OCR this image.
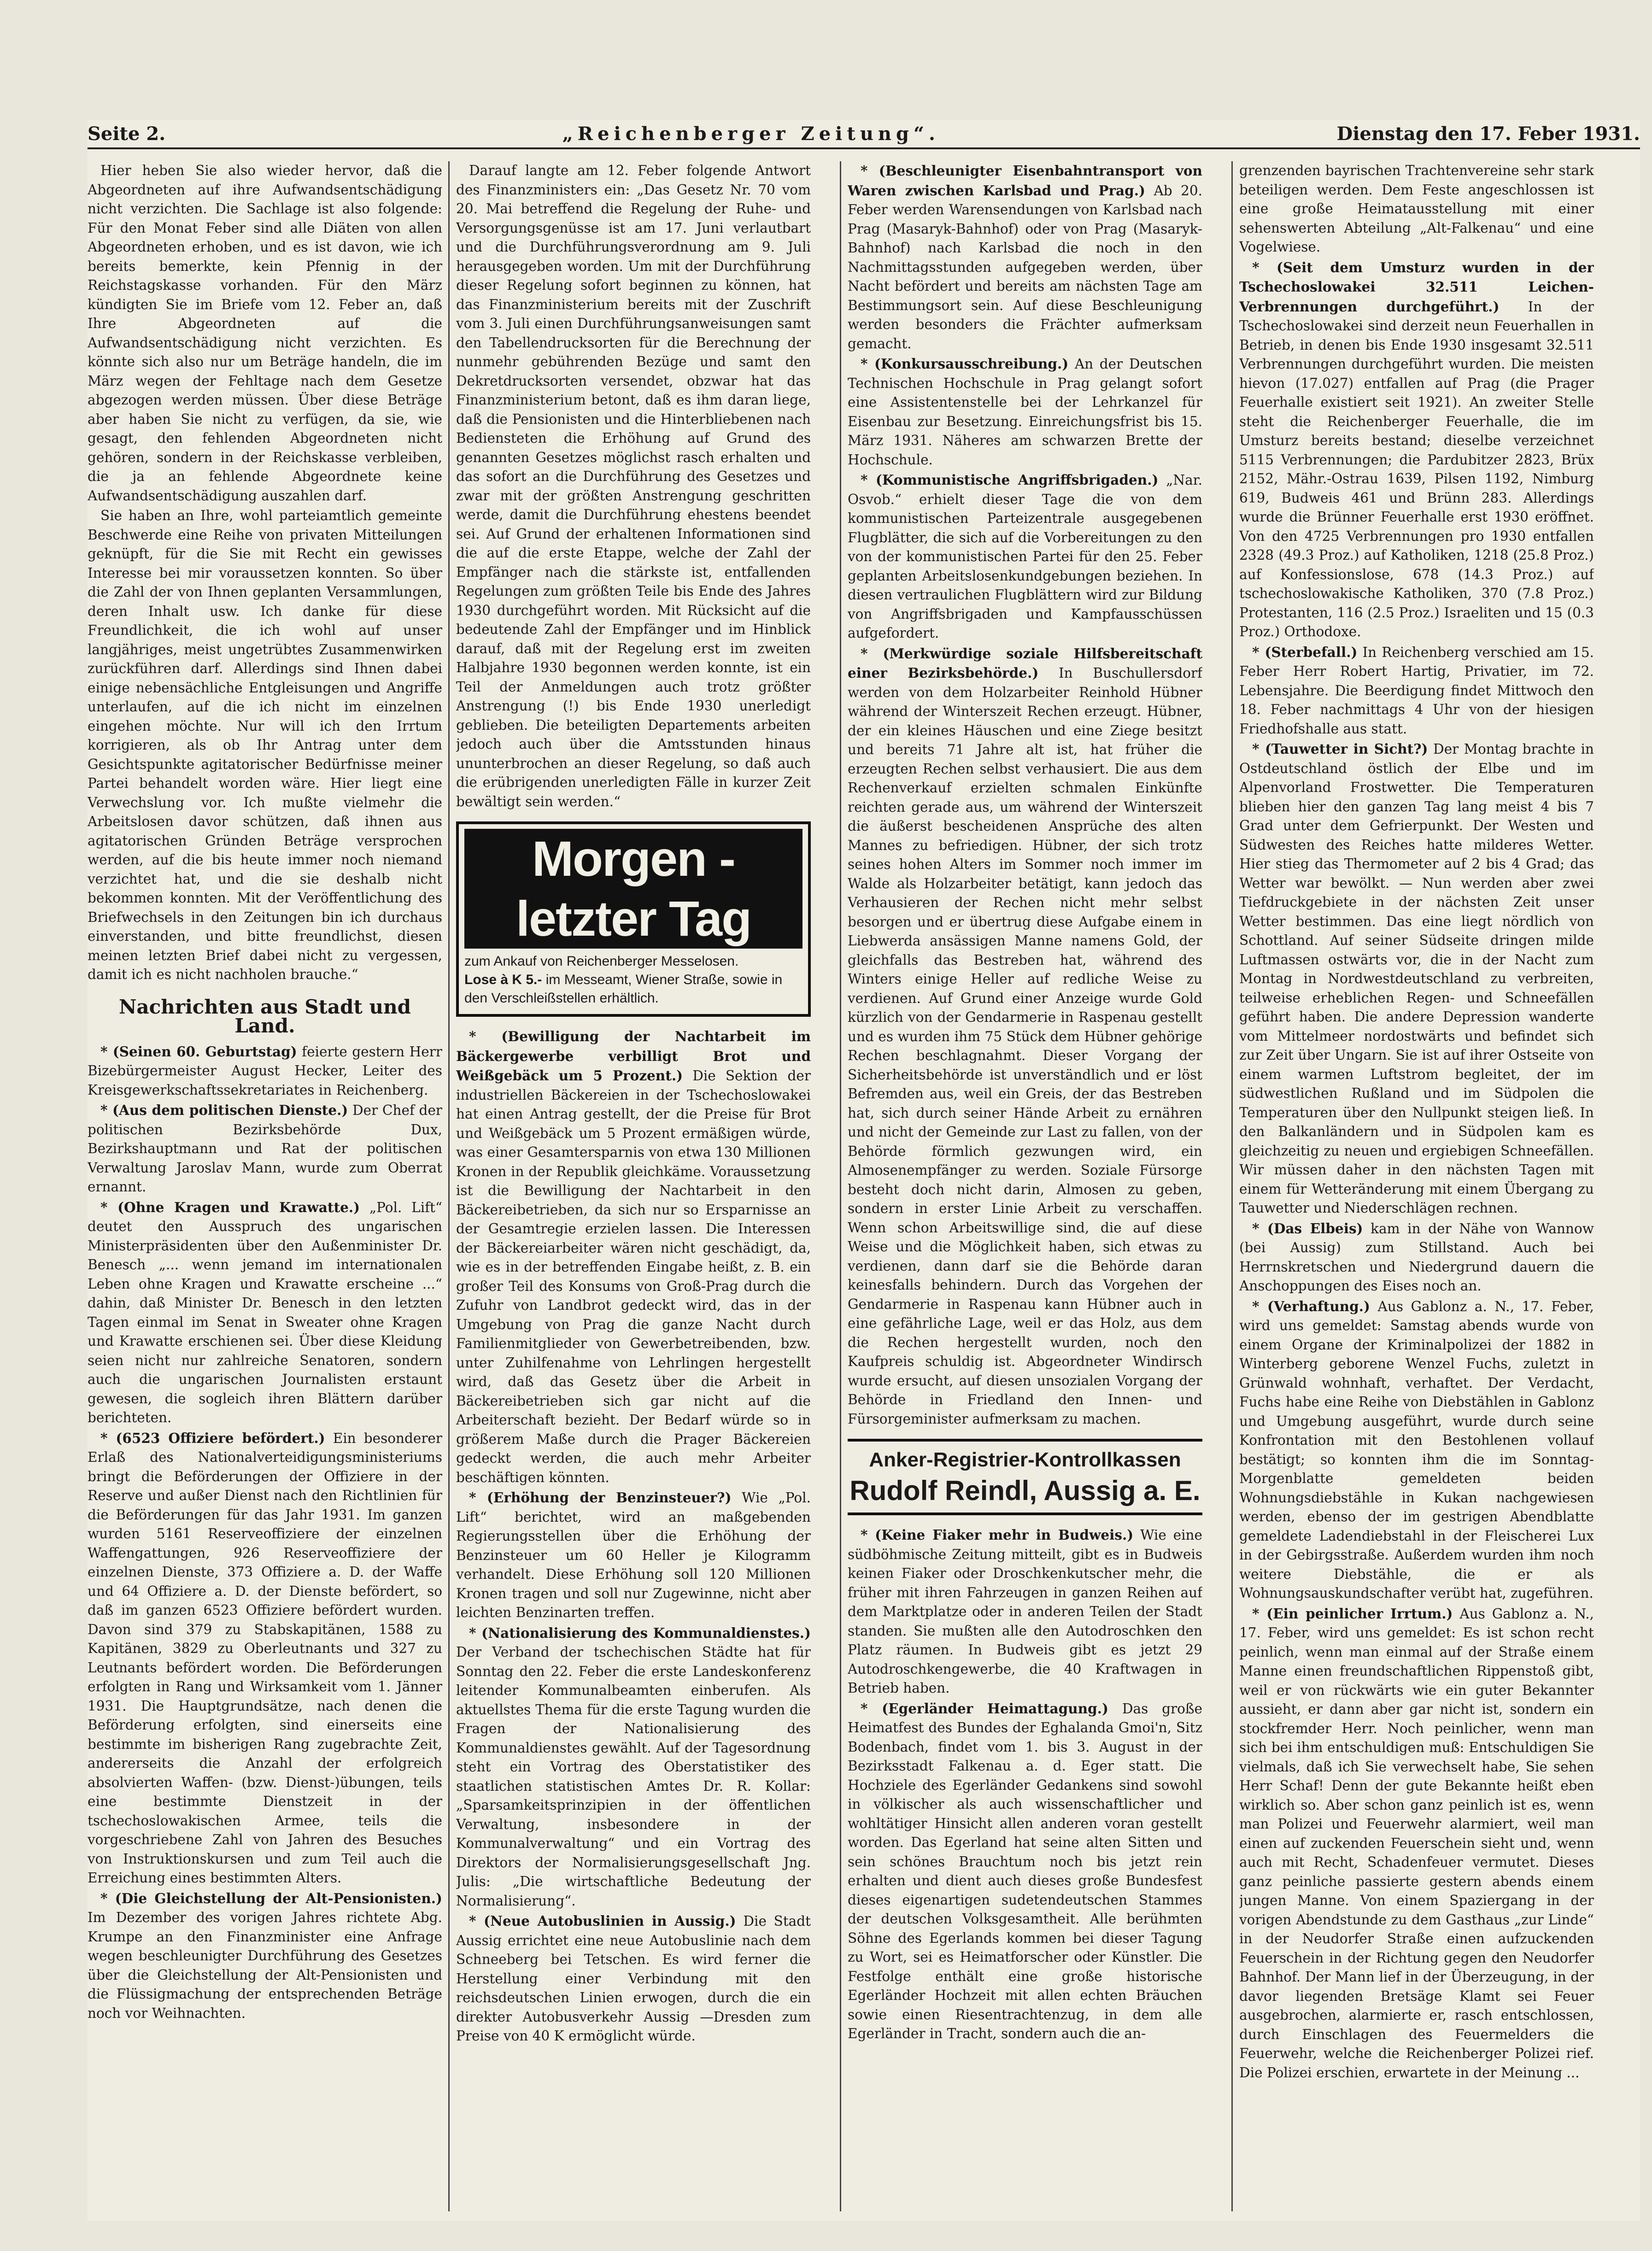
Seite 2.	„Reichenberger Zeitung“.	Dienstag den 17. Feber 1931.

Hier heben Sie also wieder hervor, daß die Abgeordneten auf ihre Aufwandsentschädigung nicht verzichten. Die Sachlage ist also folgende: Für den Monat Feber sind alle Diäten von allen Abgeordneten erhoben, und es ist davon, wie ich bereits bemerkte, kein Pfennig in der Reichstagskasse vorhanden. Für den März kündigten Sie im Briefe vom 12. Feber an, daß Ihre Abgeordneten auf die Aufwandsentschädigung nicht verzichten. Es könnte sich also nur um Beträge handeln, die im März wegen der Fehltage nach dem Gesetze abgezogen werden müssen. Über diese Beträge aber haben Sie nicht zu verfügen, da sie, wie gesagt, den fehlenden Abgeordneten nicht gehören, sondern in der Reichskasse verbleiben, die ja an fehlende Abgeordnete keine Aufwandsentschädigung auszahlen darf.

Sie haben an Ihre, wohl parteiamtlich gemeinte Beschwerde eine Reihe von privaten Mitteilungen geknüpft, für die Sie mit Recht ein gewisses Interesse bei mir voraussetzen konnten. So über die Zahl der von Ihnen geplanten Versammlungen, deren Inhalt usw. Ich danke für diese Freundlichkeit, die ich wohl auf unser langjähriges, meist ungetrübtes Zusammenwirken zurückführen darf. Allerdings sind Ihnen dabei einige nebensächliche Entgleisungen und Angriffe unterlaufen, auf die ich nicht im einzelnen eingehen möchte. Nur will ich den Irrtum korrigieren, als ob Ihr Antrag unter dem Gesichtspunkte agitatorischer Bedürfnisse meiner Partei behandelt worden wäre. Hier liegt eine Verwechslung vor. Ich mußte vielmehr die Arbeitslosen davor schützen, daß ihnen aus agitatorischen Gründen Beträge versprochen werden, auf die bis heute immer noch niemand verzichtet hat, und die sie deshalb nicht bekommen konnten. Mit der Veröffentlichung des Briefwechsels in den Zeitungen bin ich durchaus einverstanden, und bitte freundlichst, diesen meinen letzten Brief dabei nicht zu vergessen, damit ich es nicht nachholen brauche.“

Nachrichten aus Stadt und Land.

* (Seinen 60. Geburtstag) feierte gestern Herr Bizebürgermeister August Hecker, Leiter des Kreisgewerkschaftssekretariates in Reichenberg.

* (Aus dem politischen Dienste.) Der Chef der politischen Bezirksbehörde Dux, Bezirkshauptmann und Rat der politischen Verwaltung Jaroslav Mann, wurde zum Oberrat ernannt.

* (Ohne Kragen und Krawatte.) „Pol. Lift“ deutet den Ausspruch des ungarischen Ministerpräsidenten über den Außenminister Dr. Benesch „... wenn jemand im internationalen Leben ohne Kragen und Krawatte erscheine ...“ dahin, daß Minister Dr. Benesch in den letzten Tagen einmal im Senat in Sweater ohne Kragen und Krawatte erschienen sei. Über diese Kleidung seien nicht nur zahlreiche Senatoren, sondern auch die ungarischen Journalisten erstaunt gewesen, die sogleich ihren Blättern darüber berichteten.

* (6523 Offiziere befördert.) Ein besonderer Erlaß des Nationalverteidigungsministeriums bringt die Beförderungen der Offiziere in der Reserve und außer Dienst nach den Richtlinien für die Beförderungen für das Jahr 1931. Im ganzen wurden 5161 Reserveoffiziere der einzelnen Waffengattungen, 926 Reserveoffiziere der einzelnen Dienste, 373 Offiziere a. D. der Waffe und 64 Offiziere a. D. der Dienste befördert, so daß im ganzen 6523 Offiziere befördert wurden. Davon sind 379 zu Stabskapitänen, 1588 zu Kapitänen, 3829 zu Oberleutnants und 327 zu Leutnants befördert worden. Die Beförderungen erfolgten in Rang und Wirksamkeit vom 1. Jänner 1931. Die Hauptgrundsätze, nach denen die Beförderung erfolgten, sind einerseits eine bestimmte im bisherigen Rang zugebrachte Zeit, andererseits die Anzahl der erfolgreich absolvierten Waffen- (bzw. Dienst-)übungen, teils eine bestimmte Dienstzeit in der tschechoslowakischen Armee, teils die vorgeschriebene Zahl von Jahren des Besuches von Instruktionskursen und zum Teil auch die Erreichung eines bestimmten Alters.

* (Die Gleichstellung der Alt-Pensionisten.) Im Dezember des vorigen Jahres richtete Abg. Krumpe an den Finanzminister eine Anfrage wegen beschleunigter Durchführung des Gesetzes über die Gleichstellung der Alt-Pensionisten und die Flüssigmachung der entsprechenden Beträge noch vor Weihnachten.

Darauf langte am 12. Feber folgende Antwort des Finanzministers ein: „Das Gesetz Nr. 70 vom 20. Mai betreffend die Regelung der Ruhe- und Versorgungsgenüsse ist am 17. Juni verlautbart und die Durchführungsverordnung am 9. Juli herausgegeben worden. Um mit der Durchführung dieser Regelung sofort beginnen zu können, hat das Finanzministerium bereits mit der Zuschrift vom 3. Juli einen Durchführungsanweisungen samt den Tabellendrucksorten für die Berechnung der nunmehr gebührenden Bezüge und samt den Dekretdrucksorten versendet, obzwar hat das Finanzministerium betont, daß es ihm daran liege, daß die Pensionisten und die Hinterbliebenen nach Bediensteten die Erhöhung auf Grund des genannten Gesetzes möglichst rasch erhalten und das sofort an die Durchführung des Gesetzes und zwar mit der größten Anstrengung geschritten werde, damit die Durchführung ehestens beendet sei. Auf Grund der erhaltenen Informationen sind die auf die erste Etappe, welche der Zahl der Empfänger nach die stärkste ist, entfallenden Regelungen zum größten Teile bis Ende des Jahres 1930 durchgeführt worden. Mit Rücksicht auf die bedeutende Zahl der Empfänger und im Hinblick darauf, daß mit der Regelung erst im zweiten Halbjahre 1930 begonnen werden konnte, ist ein Teil der Anmeldungen auch trotz größter Anstrengung (!) bis Ende 1930 unerledigt geblieben. Die beteiligten Departements arbeiten jedoch auch über die Amtsstunden hinaus ununterbrochen an dieser Regelung, so daß auch die erübrigenden unerledigten Fälle in kurzer Zeit bewältigt sein werden.“

Morgen - letzter Tag
zum Ankauf von Reichenberger Messelosen.
Lose à K 5.- im Messeamt, Wiener Straße, sowie in den Verschleißstellen erhältlich.

* (Bewilligung der Nachtarbeit im Bäckergewerbe verbilligt Brot und Weißgebäck um 5 Prozent.) Die Sektion der industriellen Bäckereien in der Tschechoslowakei hat einen Antrag gestellt, der die Preise für Brot und Weißgebäck um 5 Prozent ermäßigen würde, was einer Gesamtersparnis von etwa 130 Millionen Kronen in der Republik gleichkäme. Voraussetzung ist die Bewilligung der Nachtarbeit in den Bäckereibetrieben, da sich nur so Ersparnisse an der Gesamtregie erzielen lassen. Die Interessen der Bäckereiarbeiter wären nicht geschädigt, da, wie es in der betreffenden Eingabe heißt, z. B. ein großer Teil des Konsums von Groß-Prag durch die Zufuhr von Landbrot gedeckt wird, das in der Umgebung von Prag die ganze Nacht durch Familienmitglieder von Gewerbetreibenden, bzw. unter Zuhilfenahme von Lehrlingen hergestellt wird, daß das Gesetz über die Arbeit in Bäckereibetrieben sich gar nicht auf die Arbeiterschaft bezieht. Der Bedarf würde so in größerem Maße durch die Prager Bäckereien gedeckt werden, die auch mehr Arbeiter beschäftigen könnten.

* (Erhöhung der Benzinsteuer?) Wie „Pol. Lift“ berichtet, wird an maßgebenden Regierungsstellen über die Erhöhung der Benzinsteuer um 60 Heller je Kilogramm verhandelt. Diese Erhöhung soll 120 Millionen Kronen tragen und soll nur Zugewinne, nicht aber leichten Benzinarten treffen.

* (Nationalisierung des Kommunaldienstes.) Der Verband der tschechischen Städte hat für Sonntag den 22. Feber die erste Landeskonferenz leitender Kommunalbeamten einberufen. Als aktuellstes Thema für die erste Tagung wurden die Fragen der Nationalisierung des Kommunaldienstes gewählt. Auf der Tagesordnung steht ein Vortrag des Oberstatistiker des staatlichen statistischen Amtes Dr. R. Kollar: „Sparsamkeitsprinzipien in der öffentlichen Verwaltung, insbesondere in der Kommunalverwaltung“ und ein Vortrag des Direktors der Normalisierungsgesellschaft Jng. Julis: „Die wirtschaftliche Bedeutung der Normalisierung“.

* (Neue Autobuslinien in Aussig.) Die Stadt Aussig errichtet eine neue Autobuslinie nach dem Schneeberg bei Tetschen. Es wird ferner die Herstellung einer Verbindung mit den reichsdeutschen Linien erwogen, durch die ein direkter Autobusverkehr Aussig —Dresden zum Preise von 40 K ermöglicht würde.

* (Beschleunigter Eisenbahntransport von Waren zwischen Karlsbad und Prag.) Ab 20. Feber werden Warensendungen von Karlsbad nach Prag (Masaryk-Bahnhof) oder von Prag (Masaryk-Bahnhof) nach Karlsbad die noch in den Nachmittagsstunden aufgegeben werden, über Nacht befördert und bereits am nächsten Tage am Bestimmungsort sein. Auf diese Beschleunigung werden besonders die Frächter aufmerksam gemacht.

* (Konkursausschreibung.) An der Deutschen Technischen Hochschule in Prag gelangt sofort eine Assistentenstelle bei der Lehrkanzel für Eisenbau zur Besetzung. Einreichungsfrist bis 15. März 1931. Näheres am schwarzen Brette der Hochschule.

* (Kommunistische Angriffsbrigaden.) „Nar. Osvob.“ erhielt dieser Tage die von dem kommunistischen Parteizentrale ausgegebenen Flugblätter, die sich auf die Vorbereitungen zu den von der kommunistischen Partei für den 25. Feber geplanten Arbeitslosenkundgebungen beziehen. In diesen vertraulichen Flugblättern wird zur Bildung von Angriffsbrigaden und Kampfausschüssen aufgefordert.

* (Merkwürdige soziale Hilfsbereitschaft einer Bezirksbehörde.) In Buschullersdorf werden von dem Holzarbeiter Reinhold Hübner während der Winterszeit Rechen erzeugt. Hübner, der ein kleines Häuschen und eine Ziege besitzt und bereits 71 Jahre alt ist, hat früher die erzeugten Rechen selbst verhausiert. Die aus dem Rechenverkauf erzielten schmalen Einkünfte reichten gerade aus, um während der Winterszeit die äußerst bescheidenen Ansprüche des alten Mannes zu befriedigen. Hübner, der sich trotz seines hohen Alters im Sommer noch immer im Walde als Holzarbeiter betätigt, kann jedoch das Verhausieren der Rechen nicht mehr selbst besorgen und er übertrug diese Aufgabe einem in Liebwerda ansässigen Manne namens Gold, der gleichfalls das Bestreben hat, während des Winters einige Heller auf redliche Weise zu verdienen. Auf Grund einer Anzeige wurde Gold kürzlich von der Gendarmerie in Raspenau gestellt und es wurden ihm 75 Stück dem Hübner gehörige Rechen beschlagnahmt. Dieser Vorgang der Sicherheitsbehörde ist unverständlich und er löst Befremden aus, weil ein Greis, der das Bestreben hat, sich durch seiner Hände Arbeit zu ernähren und nicht der Gemeinde zur Last zu fallen, von der Behörde förmlich gezwungen wird, ein Almosenempfänger zu werden. Soziale Fürsorge besteht doch nicht darin, Almosen zu geben, sondern in erster Linie Arbeit zu verschaffen. Wenn schon Arbeitswillige sind, die auf diese Weise und die Möglichkeit haben, sich etwas zu verdienen, dann darf sie die Behörde daran keinesfalls behindern. Durch das Vorgehen der Gendarmerie in Raspenau kann Hübner auch in eine gefährliche Lage, weil er das Holz, aus dem die Rechen hergestellt wurden, noch den Kaufpreis schuldig ist. Abgeordneter Windirsch wurde ersucht, auf diesen unsozialen Vorgang der Behörde in Friedland den Innen- und Fürsorgeminister aufmerksam zu machen.

Anker-Registrier-Kontrollkassen
Rudolf Reindl, Aussig a. E.

* (Keine Fiaker mehr in Budweis.) Wie eine südböhmische Zeitung mitteilt, gibt es in Budweis keinen Fiaker oder Droschkenkutscher mehr, die früher mit ihren Fahrzeugen in ganzen Reihen auf dem Marktplatze oder in anderen Teilen der Stadt standen. Sie mußten alle den Autodroschken den Platz räumen. In Budweis gibt es jetzt 29 Autodroschkengewerbe, die 40 Kraftwagen in Betrieb haben.

* (Egerländer Heimattagung.) Das große Heimatfest des Bundes der Eghalanda Gmoi'n, Sitz Bodenbach, findet vom 1. bis 3. August in der Bezirksstadt Falkenau a. d. Eger statt. Die Hochziele des Egerländer Gedankens sind sowohl in völkischer als auch wissenschaftlicher und wohltätiger Hinsicht allen anderen voran gestellt worden. Das Egerland hat seine alten Sitten und sein schönes Brauchtum noch bis jetzt rein erhalten und dient auch dieses große Bundesfest dieses eigenartigen sudetendeutschen Stammes der deutschen Volksgesamtheit. Alle berühmten Söhne des Egerlands kommen bei dieser Tagung zu Wort, sei es Heimatforscher oder Künstler. Die Festfolge enthält eine große historische Egerländer Hochzeit mit allen echten Bräuchen sowie einen Riesentrachtenzug, in dem alle Egerländer in Tracht, sondern auch die an-

grenzenden bayrischen Trachtenvereine sehr stark beteiligen werden. Dem Feste angeschlossen ist eine große Heimatausstellung mit einer sehenswerten Abteilung „Alt-Falkenau“ und eine Vogelwiese.

* (Seit dem Umsturz wurden in der Tschechoslowakei 32.511 Leichen-Verbrennungen durchgeführt.) In der Tschechoslowakei sind derzeit neun Feuerhallen in Betrieb, in denen bis Ende 1930 insgesamt 32.511 Verbrennungen durchgeführt wurden. Die meisten hievon (17.027) entfallen auf Prag (die Prager Feuerhalle existiert seit 1921). An zweiter Stelle steht die Reichenberger Feuerhalle, die im Umsturz bereits bestand; dieselbe verzeichnet 5115 Verbrennungen; die Pardubitzer 2823, Brüx 2152, Mähr.-Ostrau 1639, Pilsen 1192, Nimburg 619, Budweis 461 und Brünn 283. Allerdings wurde die Brünner Feuerhalle erst 1930 eröffnet. Von den 4725 Verbrennungen pro 1930 entfallen 2328 (49.3 Proz.) auf Katholiken, 1218 (25.8 Proz.) auf Konfessionslose, 678 (14.3 Proz.) auf tschechoslowakische Katholiken, 370 (7.8 Proz.) Protestanten, 116 (2.5 Proz.) Israeliten und 15 (0.3 Proz.) Orthodoxe.

* (Sterbefall.) In Reichenberg verschied am 15. Feber Herr Robert Hartig, Privatier, im 72. Lebensjahre. Die Beerdigung findet Mittwoch den 18. Feber nachmittags 4 Uhr von der hiesigen Friedhofshalle aus statt.

* (Tauwetter in Sicht?) Der Montag brachte in Ostdeutschland östlich der Elbe und im Alpenvorland Frostwetter. Die Temperaturen blieben hier den ganzen Tag lang meist 4 bis 7 Grad unter dem Gefrierpunkt. Der Westen und Südwesten des Reiches hatte milderes Wetter. Hier stieg das Thermometer auf 2 bis 4 Grad; das Wetter war bewölkt. — Nun werden aber zwei Tiefdruckgebiete in der nächsten Zeit unser Wetter bestimmen. Das eine liegt nördlich von Schottland. Auf seiner Südseite dringen milde Luftmassen ostwärts vor, die in der Nacht zum Montag in Nordwestdeutschland zu verbreiten, teilweise erheblichen Regen- und Schneefällen geführt haben. Die andere Depression wanderte vom Mittelmeer nordostwärts und befindet sich zur Zeit über Ungarn. Sie ist auf ihrer Ostseite von einem warmen Luftstrom begleitet, der im südwestlichen Rußland und im Südpolen die Temperaturen über den Nullpunkt steigen ließ. In den Balkanländern und in Südpolen kam es gleichzeitig zu neuen und ergiebigen Schneefällen. Wir müssen daher in den nächsten Tagen mit einem für Wetteränderung mit einem Übergang zu Tauwetter und Niederschlägen rechnen.

* (Das Elbeis) kam in der Nähe von Wannow (bei Aussig) zum Stillstand. Auch bei Herrnskretschen und Niedergrund dauern die Anschoppungen des Eises noch an.

* (Verhaftung.) Aus Gablonz a. N., 17. Feber, wird uns gemeldet: Samstag abends wurde von einem Organe der Kriminalpolizei der 1882 in Winterberg geborene Wenzel Fuchs, zuletzt in Grünwald wohnhaft, verhaftet. Der Verdacht, Fuchs habe eine Reihe von Diebstählen in Gablonz und Umgebung ausgeführt, wurde durch seine Konfrontation mit den Bestohlenen vollauf bestätigt; so konnten ihm die im Sonntag-Morgenblatte gemeldeten beiden Wohnungsdiebstähle in Kukan nachgewiesen werden, ebenso der im gestrigen Abendblatte gemeldete Ladendiebstahl in der Fleischerei Lux in der Gebirgsstraße. Außerdem wurden ihm noch weitere Diebstähle, die er als Wohnungsauskundschafter verübt hat, zugeführen.

* (Ein peinlicher Irrtum.) Aus Gablonz a. N., 17. Feber, wird uns gemeldet: Es ist schon recht peinlich, wenn man einmal auf der Straße einem Manne einen freundschaftlichen Rippenstoß gibt, weil er von rückwärts wie ein guter Bekannter aussieht, er dann aber gar nicht ist, sondern ein stockfremder Herr. Noch peinlicher, wenn man sich bei ihm entschuldigen muß: Entschuldigen Sie vielmals, daß ich Sie verwechselt habe, Sie sehen Herr Schaf! Denn der gute Bekannte heißt eben wirklich so. Aber schon ganz peinlich ist es, wenn man Polizei und Feuerwehr alarmiert, weil man einen auf zuckenden Feuerschein sieht und, wenn auch mit Recht, Schadenfeuer vermutet. Dieses ganz peinliche passierte gestern abends einem jungen Manne. Von einem Spaziergang in der vorigen Abendstunde zu dem Gasthaus „zur Linde“ in der Neudorfer Straße einen aufzuckenden Feuerschein in der Richtung gegen den Neudorfer Bahnhof. Der Mann lief in der Überzeugung, in der davor liegenden Bretsäge Klamt sei Feuer ausgebrochen, alarmierte er, rasch entschlossen, durch Einschlagen des Feuermelders die Feuerwehr, welche die Reichenberger Polizei rief. Die Polizei erschien, erwartete in der Meinung ...
